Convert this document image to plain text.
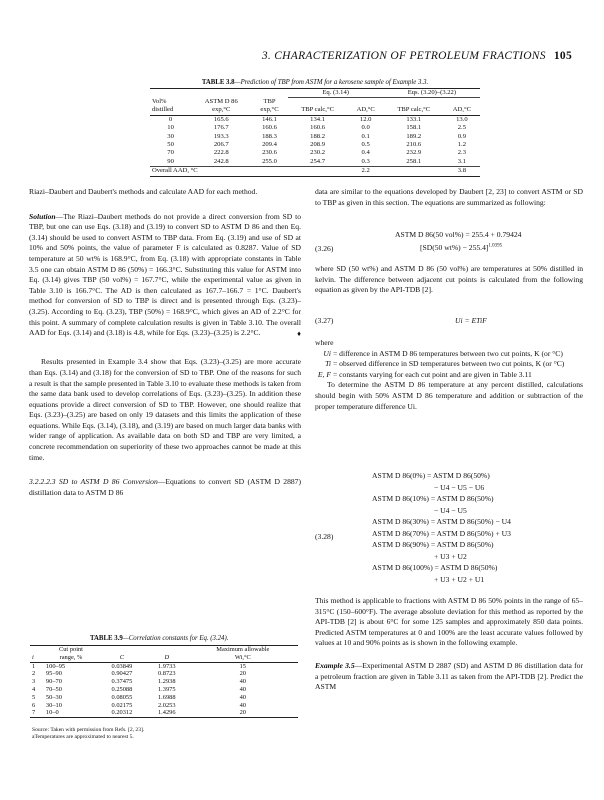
3. CHARACTERIZATION OF PETROLEUM FRACTIONS 105
TABLE 3.8—Prediction of TBP from ASTM for a kerosene sample of Example 3.3.
			Eq. (3.14)		Eqs. (3.20)–(3.22)	
Vol%	ASTM D 86	TBP				
distilled	exp,°C	exp,°C	TBP calc,°C	AD,°C	TBP calc,°C	AD,°C
0	165.6	146.1	134.1	12.0	133.1	13.0
10	176.7	160.6	160.6	0.0	158.1	2.5
30	193.3	188.3	188.2	0.1	189.2	0.9
50	206.7	209.4	208.9	0.5	210.6	1.2
70	222.8	230.6	230.2	0.4	232.9	2.3
90	242.8	255.0	254.7	0.3	258.1	3.1
Overall AAD, °C				2.2		3.8

Riazi–Daubert and Daubert's methods and calculate AAD for each method.

Solution—The Riazi–Daubert methods do not provide a direct conversion from SD to TBP, but one can use Eqs. (3.18) and (3.19) to convert SD to ASTM D 86 and then Eq. (3.14) should be used to convert ASTM to TBP data. From Eq. (3.19) and use of SD at 10% and 50% points, the value of parameter F is calculated as 0.8287. Value of SD temperature at 50 wt% is 168.9°C, from Eq. (3.18) with appropriate constants in Table 3.5 one can obtain ASTM D 86 (50%) = 166.3°C. Substituting this value for ASTM into Eq. (3.14) gives TBP (50 vol%) = 167.7°C, while the experimental value as given in Table 3.10 is 166.7°C. The AD is then calculated as 167.7–166.7 = 1°C. Daubert's method for conversion of SD to TBP is direct and is presented through Eqs. (3.23)–(3.25). According to Eq. (3.23), TBP (50%) = 168.9°C, which gives an AD of 2.2°C for this point. A summary of complete calculation results is given in Table 3.10. The overall AAD for Eqs. (3.14) and (3.18) is 4.8, while for Eqs. (3.23)–(3.25) is 2.2°C.	♦

Results presented in Example 3.4 show that Eqs. (3.23)–(3.25) are more accurate than Eqs. (3.14) and (3.18) for the conversion of SD to TBP. One of the reasons for such a result is that the sample presented in Table 3.10 to evaluate these methods is taken from the same data bank used to develop correlations of Eqs. (3.23)–(3.25). In addition these equations provide a direct conversion of SD to TBP. However, one should realize that Eqs. (3.23)–(3.25) are based on only 19 datasets and this limits the application of these equations. While Eqs. (3.14), (3.18), and (3.19) are based on much larger data banks with wider range of application. As available data on both SD and TBP are very limited, a concrete recommendation on superiority of these two approaches cannot be made at this time.

3.2.2.2.3 SD to ASTM D 86 Conversion—Equations to convert SD (ASTM D 2887) distillation data to ASTM D 86

TABLE 3.9—Correlation constants for Eq. (3.24).
	Cut point			Maximum allowable
i	range, %	C	D	Wi,°C
1	100–95	0.03849	1.9733	15
2	95–90	0.90427	0.8723	20
3	90–70	0.37475	1.2938	40
4	70–50	0.25088	1.3975	40
5	50–30	0.08055	1.6988	40
6	30–10	0.02175	2.0253	40
7	10–0	0.20312	1.4296	20
Source: Taken with permission from Refs. [2, 23].
aTemperatures are approximated to nearest 5.

data are similar to the equations developed by Daubert [2, 23] to convert ASTM or SD to TBP as given in this section. The equations are summarized as following:

ASTM D 86(50 vol%) = 255.4 + 0.79424
[SD(50 wt%) − 255.4]$^{1.0395}$
(3.26)

where SD (50 wt%) and ASTM D 86 (50 vol%) are temperatures at 50% distilled in kelvin. The difference between adjacent cut points is calculated from the following equation as given by the API-TDB [2].

Ui = ETiF
(3.27)

where

Ui = difference in ASTM D 86 temperatures between two cut points, K (or °C)
Ti = observed difference in SD temperatures between two cut points, K (or °C)
E, F = constants varying for each cut point and are given in Table 3.11

To determine the ASTM D 86 temperature at any percent distilled, calculations should begin with 50% ASTM D 86 temperature and addition or subtraction of the proper temperature difference Ui.

ASTM D 86(0%) = ASTM D 86(50%)
− U4 − U5 − U6
ASTM D 86(10%) = ASTM D 86(50%)
− U4 − U5
ASTM D 86(30%) = ASTM D 86(50%) − U4
ASTM D 86(70%) = ASTM D 86(50%) + U3
ASTM D 86(90%) = ASTM D 86(50%)
+ U3 + U2
ASTM D 86(100%) = ASTM D 86(50%)
+ U3 + U2 + U1
(3.28)

This method is applicable to fractions with ASTM D 86 50% points in the range of 65–315°C (150–600°F). The average absolute deviation for this method as reported by the API-TDB [2] is about 6°C for some 125 samples and approximately 850 data points. Predicted ASTM temperatures at 0 and 100% are the least accurate values followed by values at 10 and 90% points as is shown in the following example.

Example 3.5—Experimental ASTM D 2887 (SD) and ASTM D 86 distillation data for a petroleum fraction are given in Table 3.11 as taken from the API-TDB [2]. Predict the ASTM
